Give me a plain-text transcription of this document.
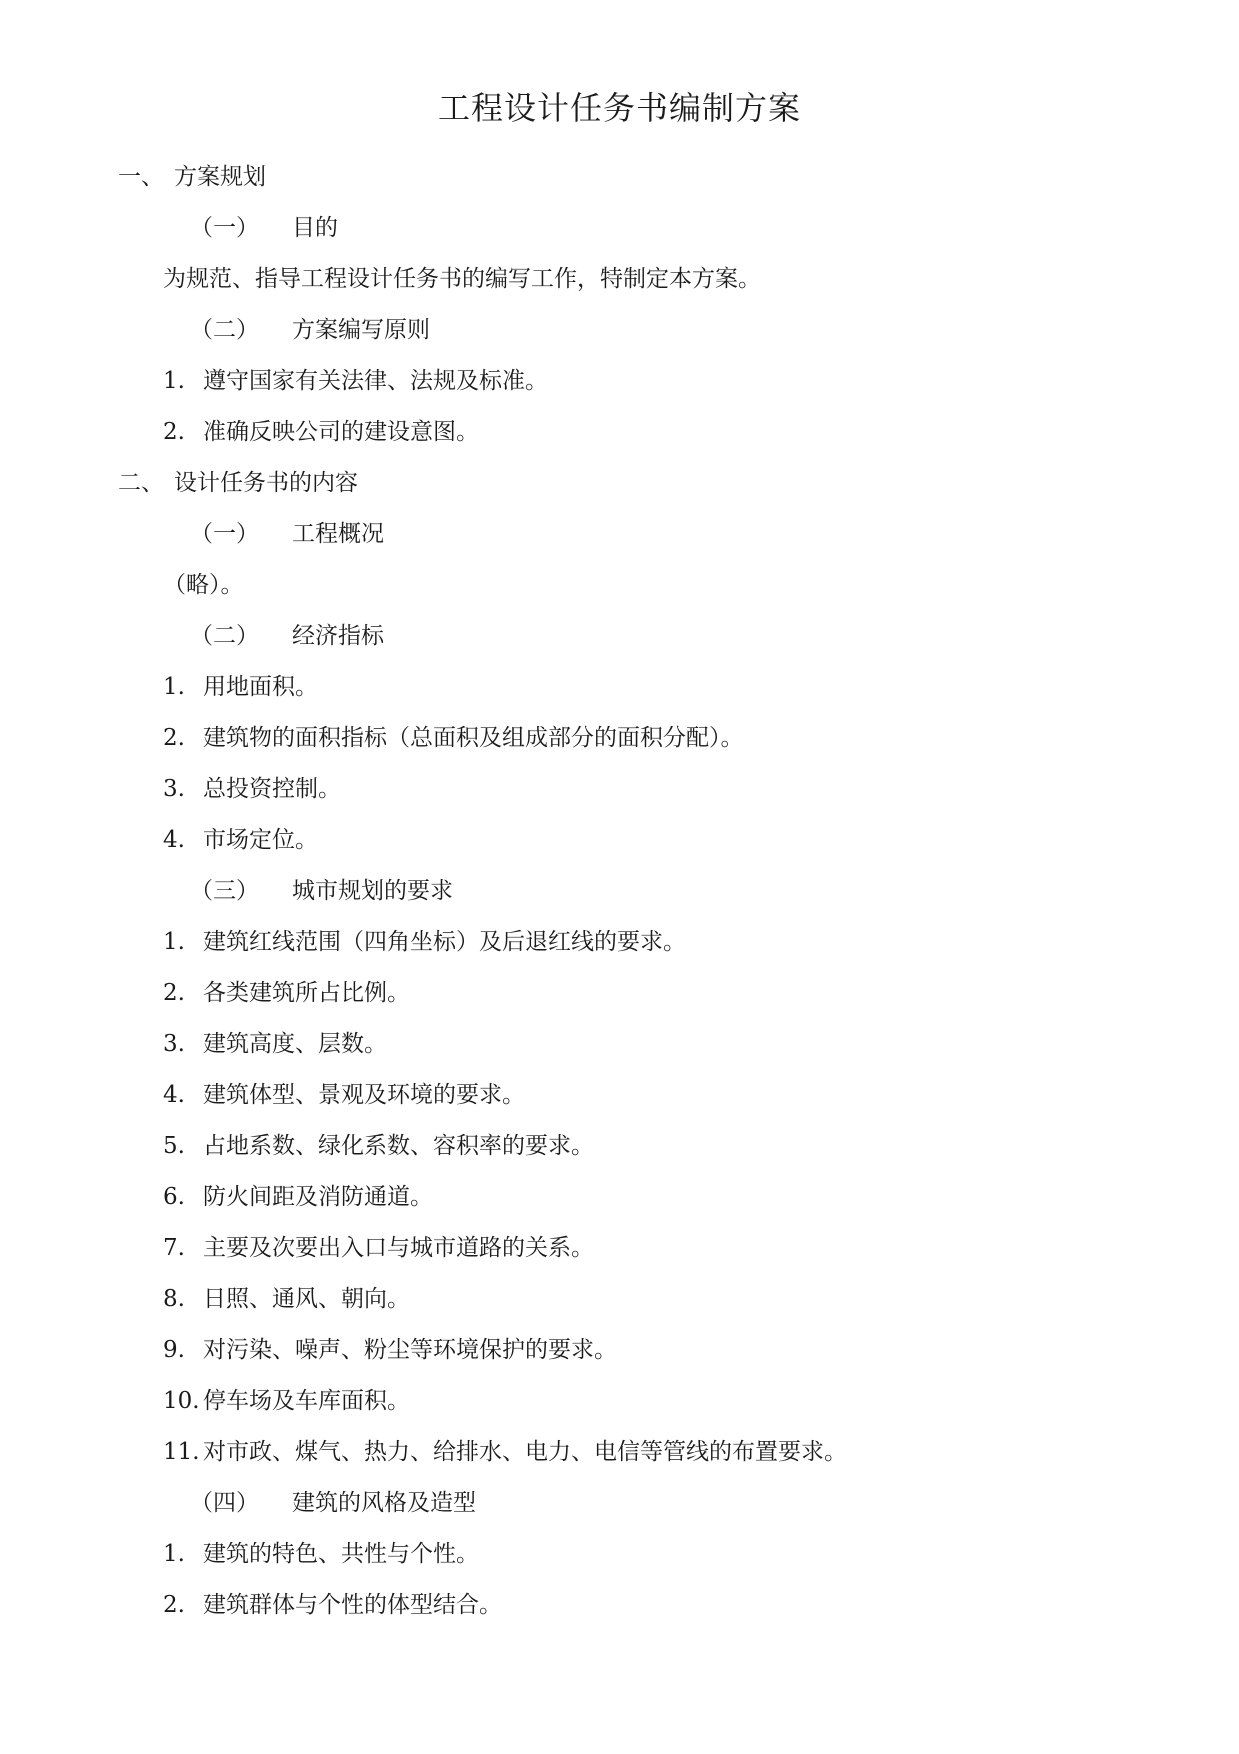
工程设计任务书编制方案
一、 方案规划
（一） 目的
为规范、指导工程设计任务书的编写工作，特制定本方案。
（二） 方案编写原则
1. 遵守国家有关法律、法规及标准。
2. 准确反映公司的建设意图。
二、 设计任务书的内容
（一） 工程概况
（略）。
（二） 经济指标
1. 用地面积。
2. 建筑物的面积指标（总面积及组成部分的面积分配）。
3. 总投资控制。
4. 市场定位。
（三） 城市规划的要求
1. 建筑红线范围（四角坐标）及后退红线的要求。
2. 各类建筑所占比例。
3. 建筑高度、层数。
4. 建筑体型、景观及环境的要求。
5. 占地系数、绿化系数、容积率的要求。
6. 防火间距及消防通道。
7. 主要及次要出入口与城市道路的关系。
8. 日照、通风、朝向。
9. 对污染、噪声、粉尘等环境保护的要求。
10. 停车场及车库面积。
11. 对市政、煤气、热力、给排水、电力、电信等管线的布置要求。
（四） 建筑的风格及造型
1. 建筑的特色、共性与个性。
2. 建筑群体与个性的体型结合。
